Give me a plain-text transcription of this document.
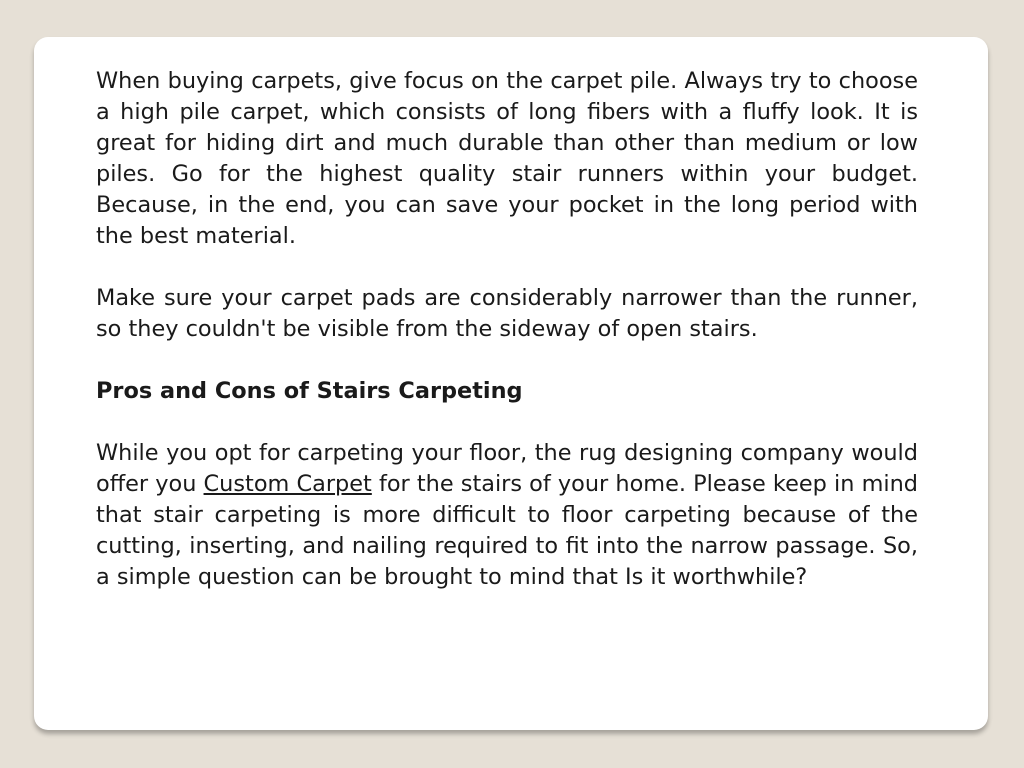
When buying carpets, give focus on the carpet pile. Always try to choose a high pile carpet, which consists of long fibers with a fluffy look. It is great for hiding dirt and much durable than other than medium or low piles. Go for the highest quality stair runners within your budget. Because, in the end, you can save your pocket in the long period with the best material.

Make sure your carpet pads are considerably narrower than the runner, so they couldn't be visible from the sideway of open stairs.

Pros and Cons of Stairs Carpeting

While you opt for carpeting your floor, the rug designing company would offer you Custom Carpet for the stairs of your home. Please keep in mind that stair carpeting is more difficult to floor carpeting because of the cutting, inserting, and nailing required to fit into the narrow passage. So, a simple question can be brought to mind that Is it worthwhile?
